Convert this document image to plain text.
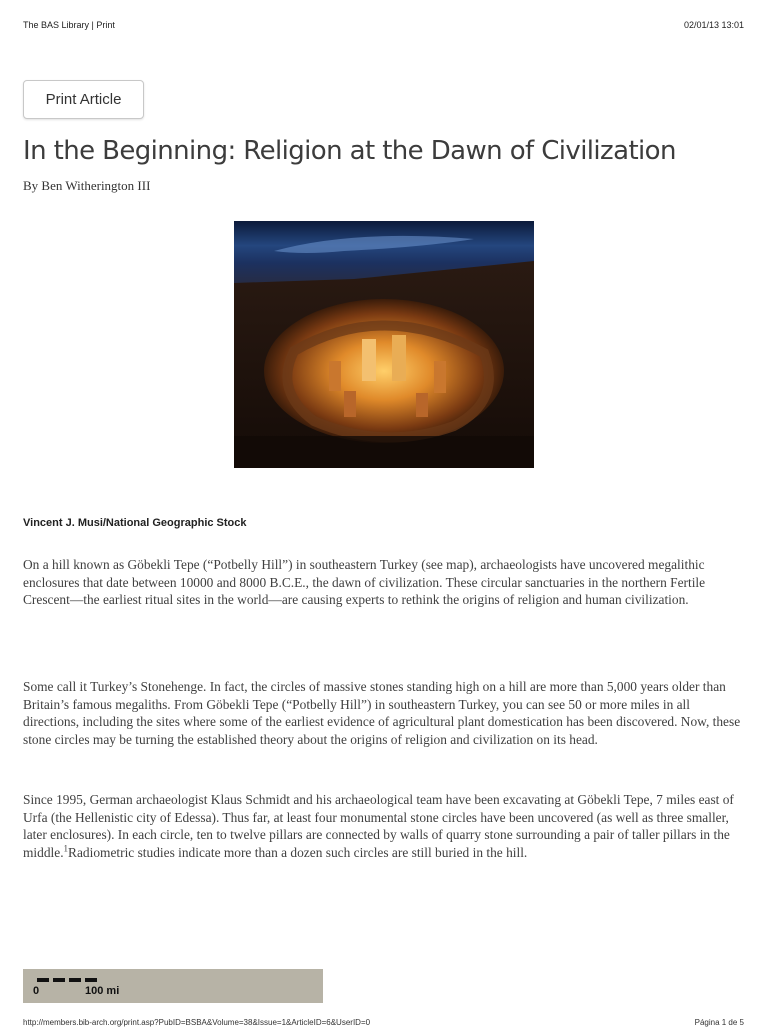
The BAS Library | Print	02/01/13 13:01
Print Article
In the Beginning: Religion at the Dawn of Civilization
By Ben Witherington III
Vincent J. Musi/National Geographic Stock

On a hill known as Göbekli Tepe (“Potbelly Hill”) in southeastern Turkey (see map), archaeologists have uncovered megalithic enclosures that date between 10000 and 8000 B.C.E., the dawn of civilization. These circular sanctuaries in the northern Fertile Crescent—the earliest ritual sites in the world—are causing experts to rethink the origins of religion and human civilization.

Some call it Turkey’s Stonehenge. In fact, the circles of massive stones standing high on a hill are more than 5,000 years older than Britain’s famous megaliths. From Göbekli Tepe (“Potbelly Hill”) in southeastern Turkey, you can see 50 or more miles in all directions, including the sites where some of the earliest evidence of agricultural plant domestication has been discovered. Now, these stone circles may be turning the established theory about the origins of religion and civilization on its head.

Since 1995, German archaeologist Klaus Schmidt and his archaeological team have been excavating at Göbekli Tepe, 7 miles east of Urfa (the Hellenistic city of Edessa). Thus far, at least four monumental stone circles have been uncovered (as well as three smaller, later enclosures). In each circle, ten to twelve pillars are connected by walls of quarry stone surrounding a pair of taller pillars in the middle.$^1$Radiometric studies indicate more than a dozen such circles are still buried in the hill.

0	100 mi
http://members.bib-arch.org/print.asp?PubID=BSBA&Volume=38&Issue=1&ArticleID=6&UserID=0	Página 1 de 5
